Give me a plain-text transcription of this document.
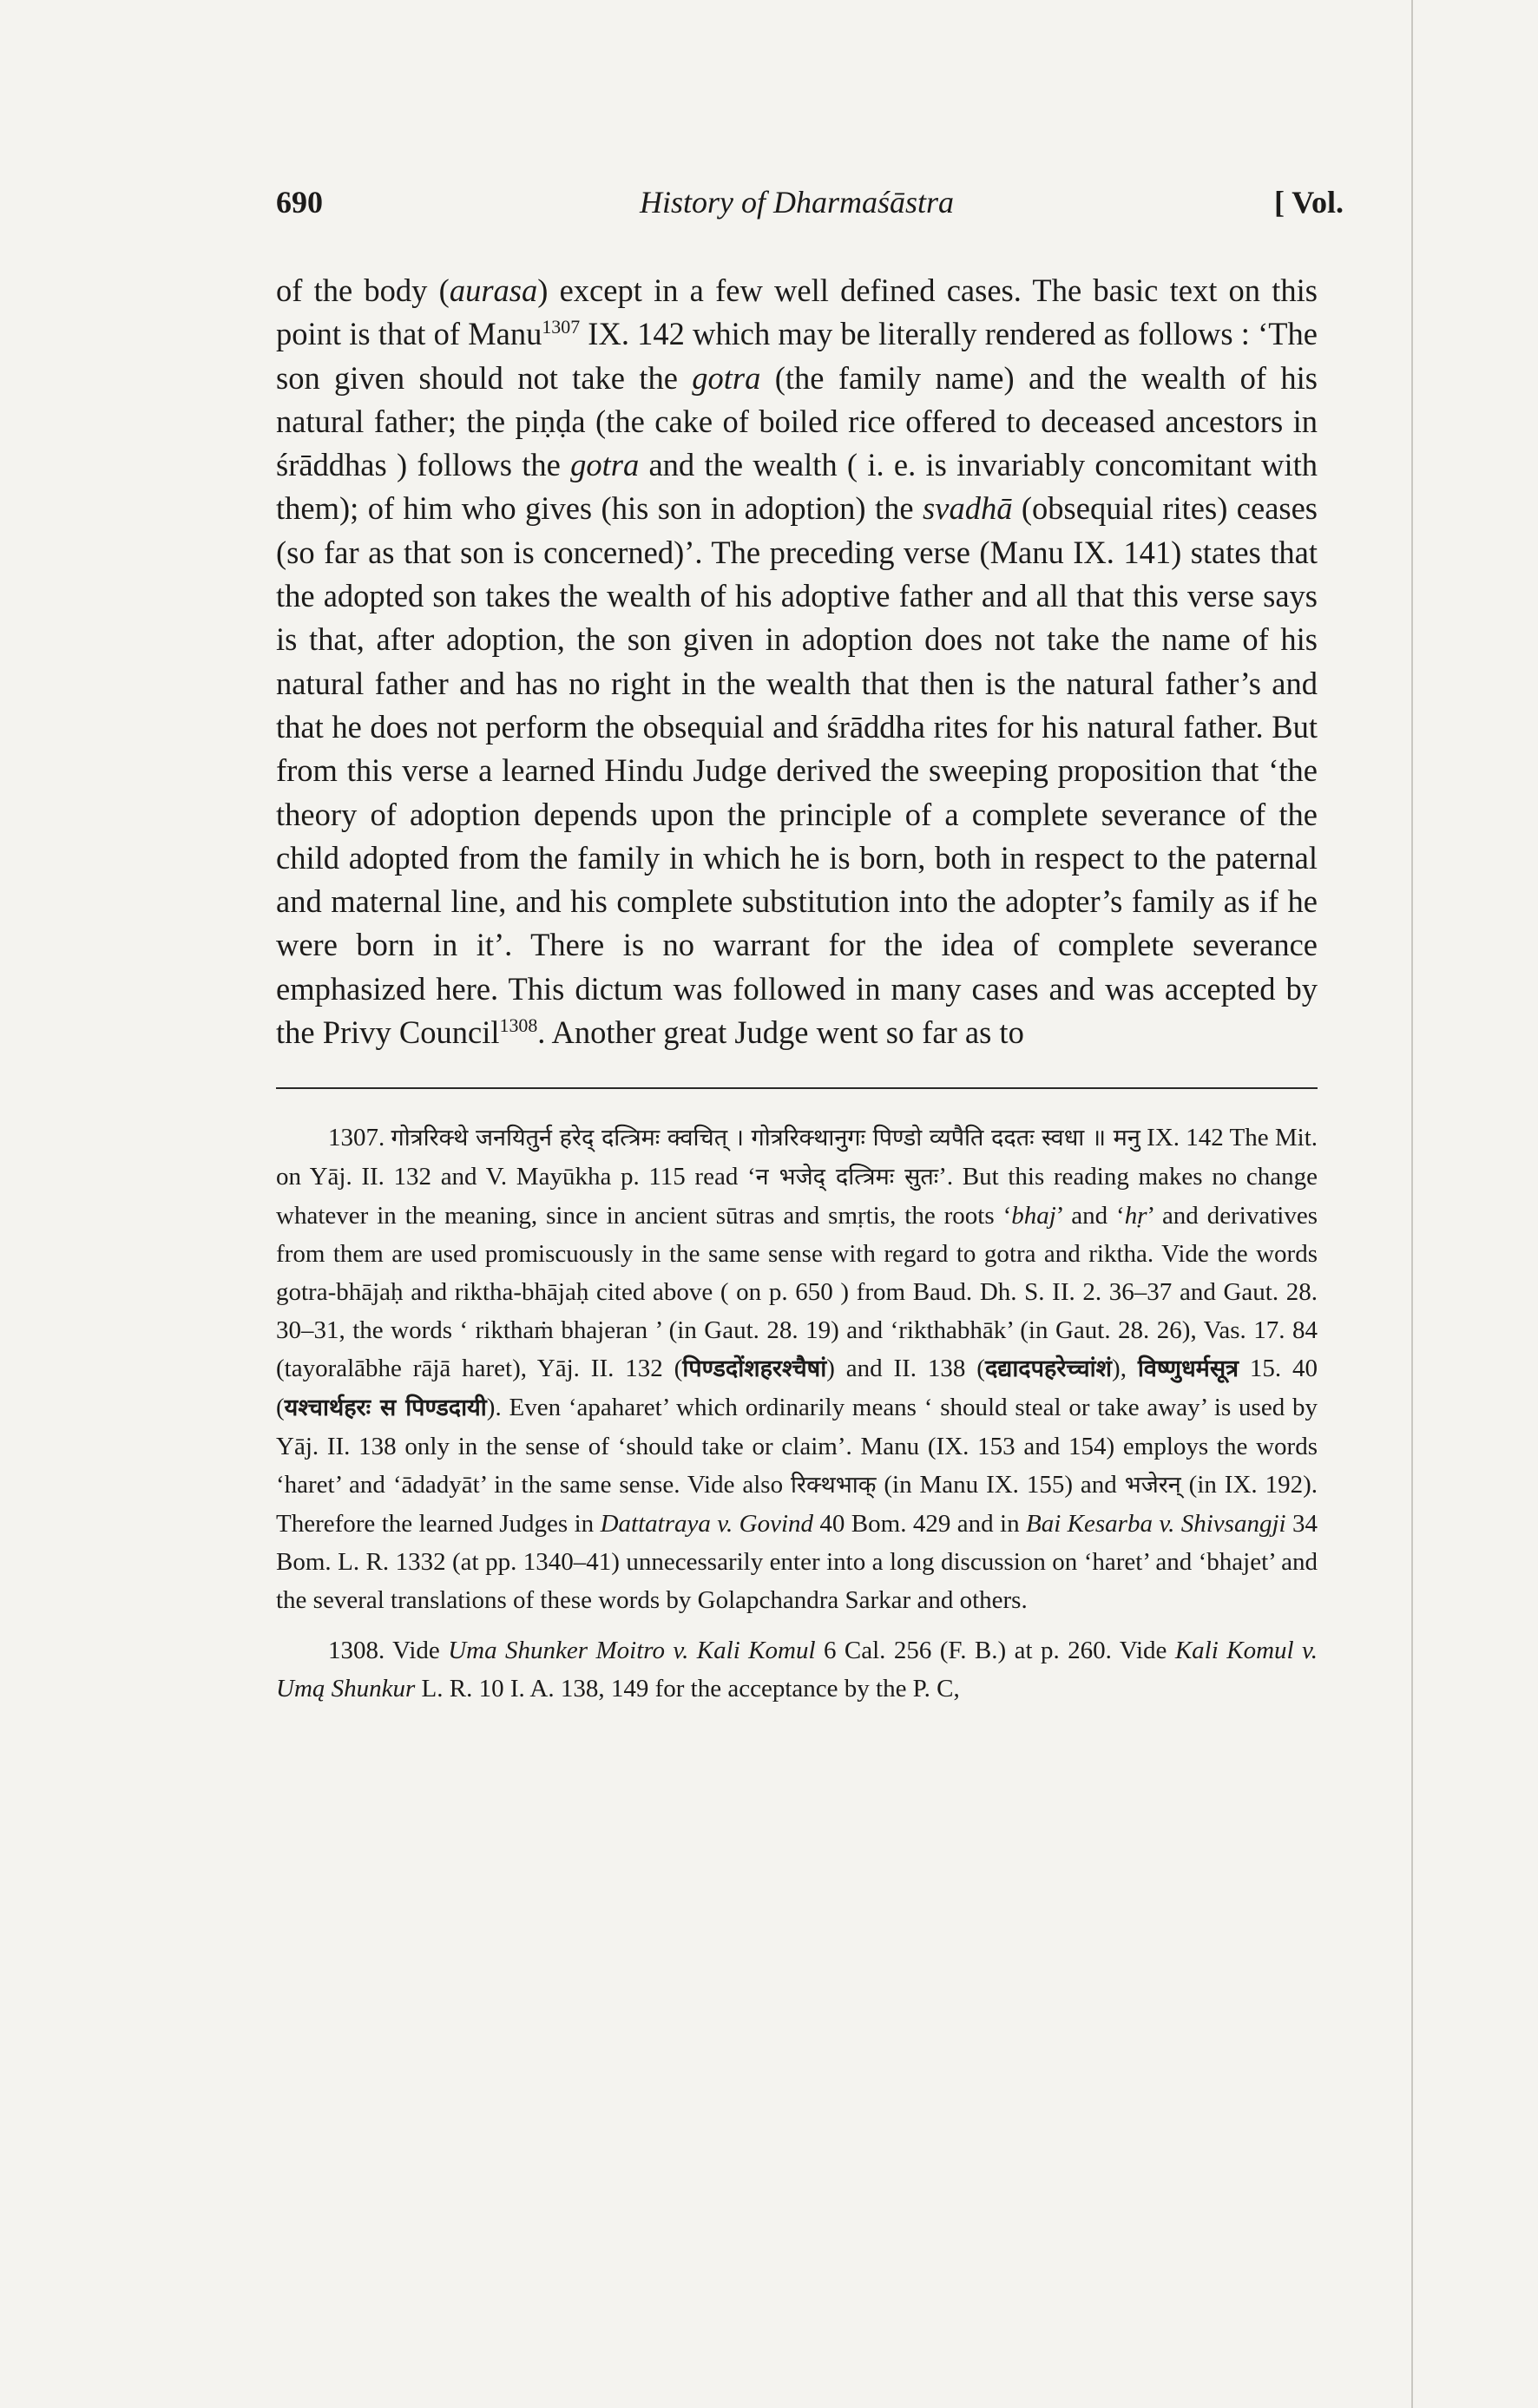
690	History of Dharmaśāstra	[ Vol.

of the body (aurasa) except in a few well defined cases. The basic text on this point is that of Manu$^{1307}$ IX. 142 which may be literally rendered as follows : ‘The son given should not take the gotra (the family name) and the wealth of his natural father; the piṇḍa (the cake of boiled rice offered to deceased ancestors in śrāddhas ) follows the gotra and the wealth ( i. e. is invariably concomitant with them); of him who gives (his son in adoption) the svadhā (obsequial rites) ceases (so far as that son is concerned)’. The preceding verse (Manu IX. 141) states that the adopted son takes the wealth of his adoptive father and all that this verse says is that, after adoption, the son given in adoption does not take the name of his natural father and has no right in the wealth that then is the natural father’s and that he does not perform the obsequial and śrāddha rites for his natural father. But from this verse a learned Hindu Judge derived the sweeping proposition that ‘the theory of adoption depends upon the principle of a complete severance of the child adopted from the family in which he is born, both in respect to the paternal and maternal line, and his complete substitution into the adopter’s family as if he were born in it’. There is no warrant for the idea of complete severance emphasized here. This dictum was followed in many cases and was accepted by the Privy Council$^{1308}$. Another great Judge went so far as to

1307. गोत्ररिक्थे जनयितुर्न हरेद् दत्त्रिमः क्वचित् । गोत्ररिक्थानुगः पिण्डो व्यपैति ददतः स्वधा ॥ मनु IX. 142 The Mit. on Yāj. II. 132 and V. Mayūkha p. 115 read ‘न भजेद् दत्त्रिमः सुतः’. But this reading makes no change whatever in the meaning, since in ancient sūtras and smṛtis, the roots ‘bhaj’ and ‘hṛ’ and derivatives from them are used promiscuously in the same sense with regard to gotra and riktha. Vide the words gotra-bhājaḥ and riktha-bhājaḥ cited above ( on p. 650 ) from Baud. Dh. S. II. 2. 36–37 and Gaut. 28. 30–31, the words ‘ rikthaṁ bhajeran ’ (in Gaut. 28. 19) and ‘rikthabhāk’ (in Gaut. 28. 26), Vas. 17. 84 (tayoralābhe rājā haret), Yāj. II. 132 (पिण्डदोंशहरश्चैषां) and II. 138 (दद्यादपहरेच्चांशं), विष्णुधर्मसूत्र 15. 40 (यश्चार्थहरः स पिण्डदायी). Even ‘apaharet’ which ordinarily means ‘ should steal or take away’ is used by Yāj. II. 138 only in the sense of ‘should take or claim’. Manu (IX. 153 and 154) employs the words ‘haret’ and ‘ādadyāt’ in the same sense. Vide also रिक्थभाक् (in Manu IX. 155) and भजेरन् (in IX. 192). Therefore the learned Judges in Dattatraya v. Govind 40 Bom. 429 and in Bai Kesarba v. Shivsangji 34 Bom. L. R. 1332 (at pp. 1340–41) unnecessarily enter into a long discussion on ‘haret’ and ‘bhajet’ and the several translations of these words by Golapchandra Sarkar and others.

1308. Vide Uma Shunker Moitro v. Kali Komul 6 Cal. 256 (F. B.) at p. 260. Vide Kali Komul v. Umą Shunkur L. R. 10 I. A. 138, 149 for the acceptance by the P. C,
